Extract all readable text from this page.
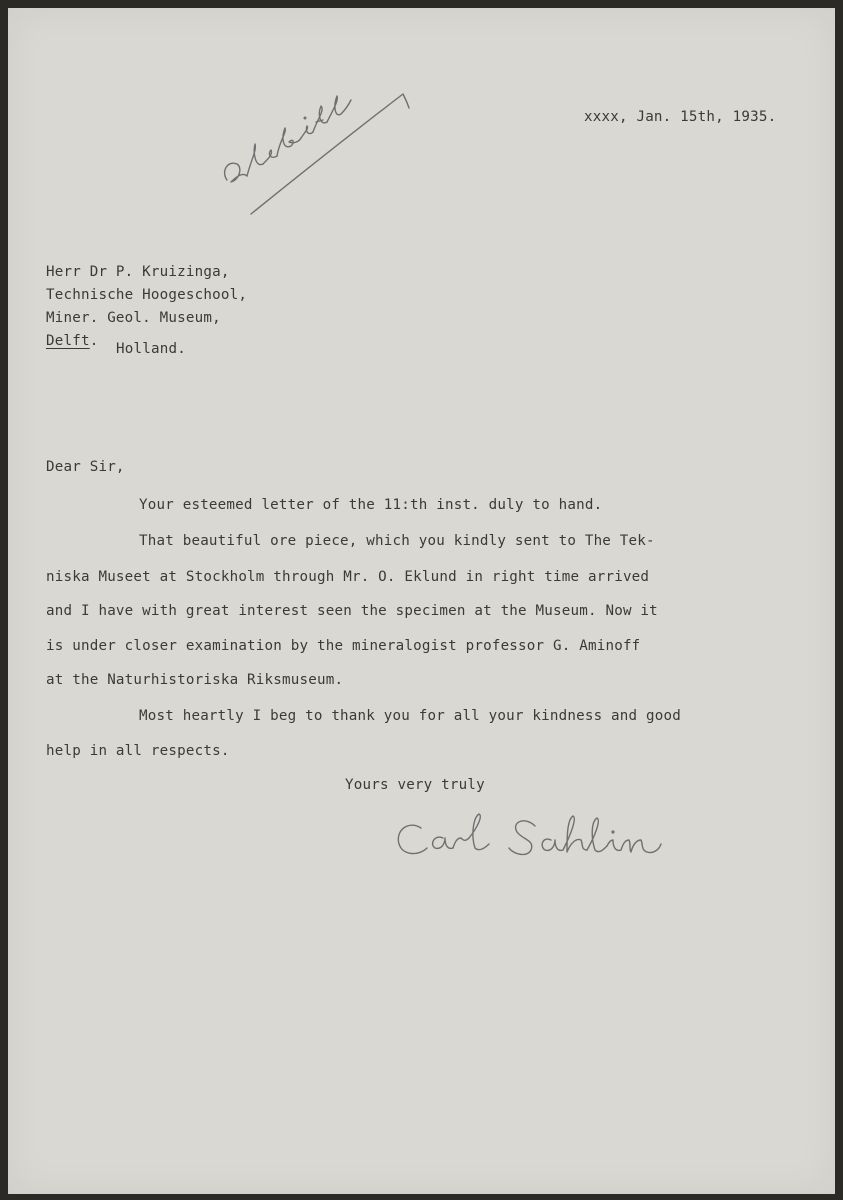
xxxx, Jan. 15th, 1935.
Herr Dr P. Kruizinga,
Technische Hoogeschool,
Miner. Geol. Museum,
Delft. Holland.
Dear Sir,
Your esteemed letter of the 11:th inst. duly to hand.
That beautiful ore piece, which you kindly sent to The Tek-
niska Museet at Stockholm through Mr. O. Eklund in right time arrived
and I have with great interest seen the specimen at the Museum. Now it
is under closer examination by the mineralogist professor G. Aminoff
at the Naturhistoriska Riksmuseum.
Most heartly I beg to thank you for all your kindness and good
help in all respects.
Yours very truly
